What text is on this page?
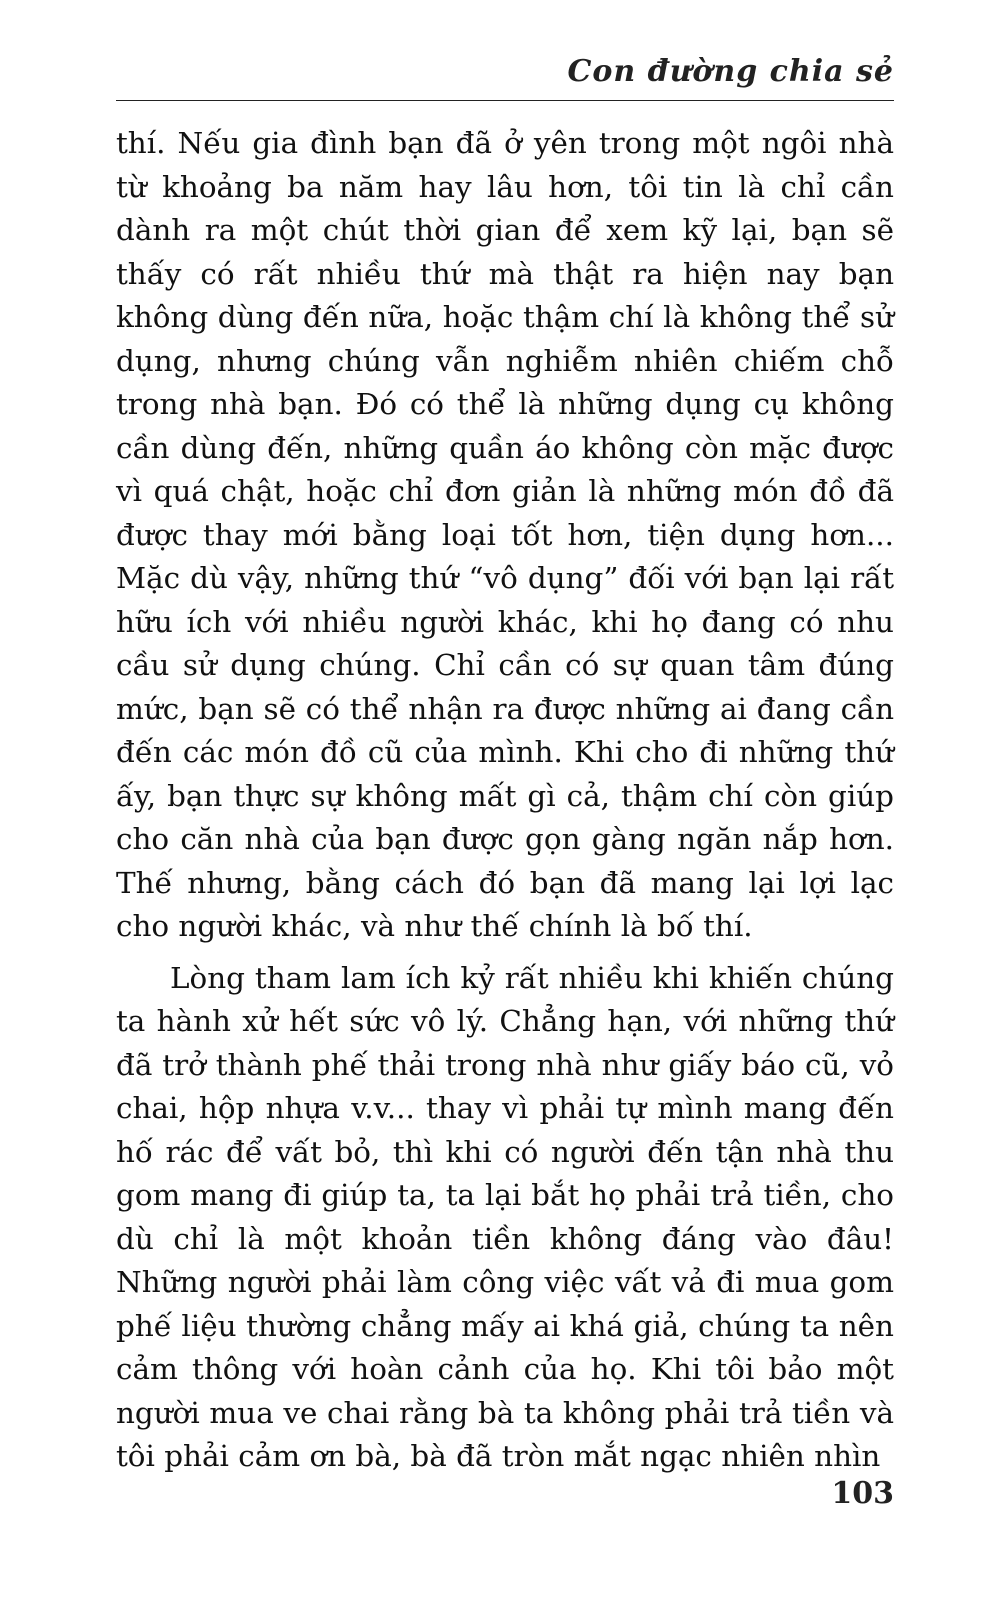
Con đường chia sẻ

thí. Nếu gia đình bạn đã ở yên trong một ngôi nhà từ khoảng ba năm hay lâu hơn, tôi tin là chỉ cần dành ra một chút thời gian để xem kỹ lại, bạn sẽ thấy có rất nhiều thứ mà thật ra hiện nay bạn không dùng đến nữa, hoặc thậm chí là không thể sử dụng, nhưng chúng vẫn nghiễm nhiên chiếm chỗ trong nhà bạn. Đó có thể là những dụng cụ không cần dùng đến, những quần áo không còn mặc được vì quá chật, hoặc chỉ đơn giản là những món đồ đã được thay mới bằng loại tốt hơn, tiện dụng hơn... Mặc dù vậy, những thứ “vô dụng” đối với bạn lại rất hữu ích với nhiều người khác, khi họ đang có nhu cầu sử dụng chúng. Chỉ cần có sự quan tâm đúng mức, bạn sẽ có thể nhận ra được những ai đang cần đến các món đồ cũ của mình. Khi cho đi những thứ ấy, bạn thực sự không mất gì cả, thậm chí còn giúp cho căn nhà của bạn được gọn gàng ngăn nắp hơn. Thế nhưng, bằng cách đó bạn đã mang lại lợi lạc cho người khác, và như thế chính là bố thí.

Lòng tham lam ích kỷ rất nhiều khi khiến chúng ta hành xử hết sức vô lý. Chẳng hạn, với những thứ đã trở thành phế thải trong nhà như giấy báo cũ, vỏ chai, hộp nhựa v.v... thay vì phải tự mình mang đến hố rác để vất bỏ, thì khi có người đến tận nhà thu gom mang đi giúp ta, ta lại bắt họ phải trả tiền, cho dù chỉ là một khoản tiền không đáng vào đâu! Những người phải làm công việc vất vả đi mua gom phế liệu thường chẳng mấy ai khá giả, chúng ta nên cảm thông với hoàn cảnh của họ. Khi tôi bảo một người mua ve chai rằng bà ta không phải trả tiền và tôi phải cảm ơn bà, bà đã tròn mắt ngạc nhiên nhìn

103
